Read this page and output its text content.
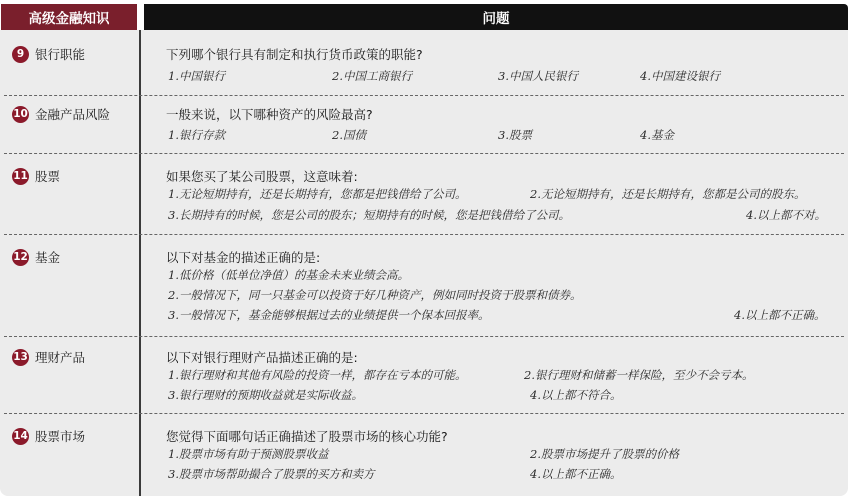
高级金融知识	问题
9 银行职能	下列哪个银行具有制定和执行货币政策的职能?
1.中国银行	2.中国工商银行	3.中国人民银行	4.中国建设银行
10 金融产品风险	一般来说，以下哪种资产的风险最高?
1.银行存款	2.国债	3.股票	4.基金
11 股票	如果您买了某公司股票，这意味着:
1.无论短期持有，还是长期持有，您都是把钱借给了公司。	2.无论短期持有，还是长期持有，您都是公司的股东。
3.长期持有的时候，您是公司的股东；短期持有的时候，您是把钱借给了公司。	4.以上都不对。
12 基金	以下对基金的描述正确的是:
1.低价格（低单位净值）的基金未来业绩会高。
2.一般情况下，同一只基金可以投资于好几种资产，例如同时投资于股票和债券。
3.一般情况下，基金能够根据过去的业绩提供一个保本回报率。	4.以上都不正确。
13 理财产品	以下对银行理财产品描述正确的是:
1.银行理财和其他有风险的投资一样，都存在亏本的可能。	2.银行理财和储蓄一样保险，至少不会亏本。
3.银行理财的预期收益就是实际收益。	4.以上都不符合。
14 股票市场	您觉得下面哪句话正确描述了股票市场的核心功能?
1.股票市场有助于预测股票收益	2.股票市场提升了股票的价格
3.股票市场帮助撮合了股票的买方和卖方	4.以上都不正确。
